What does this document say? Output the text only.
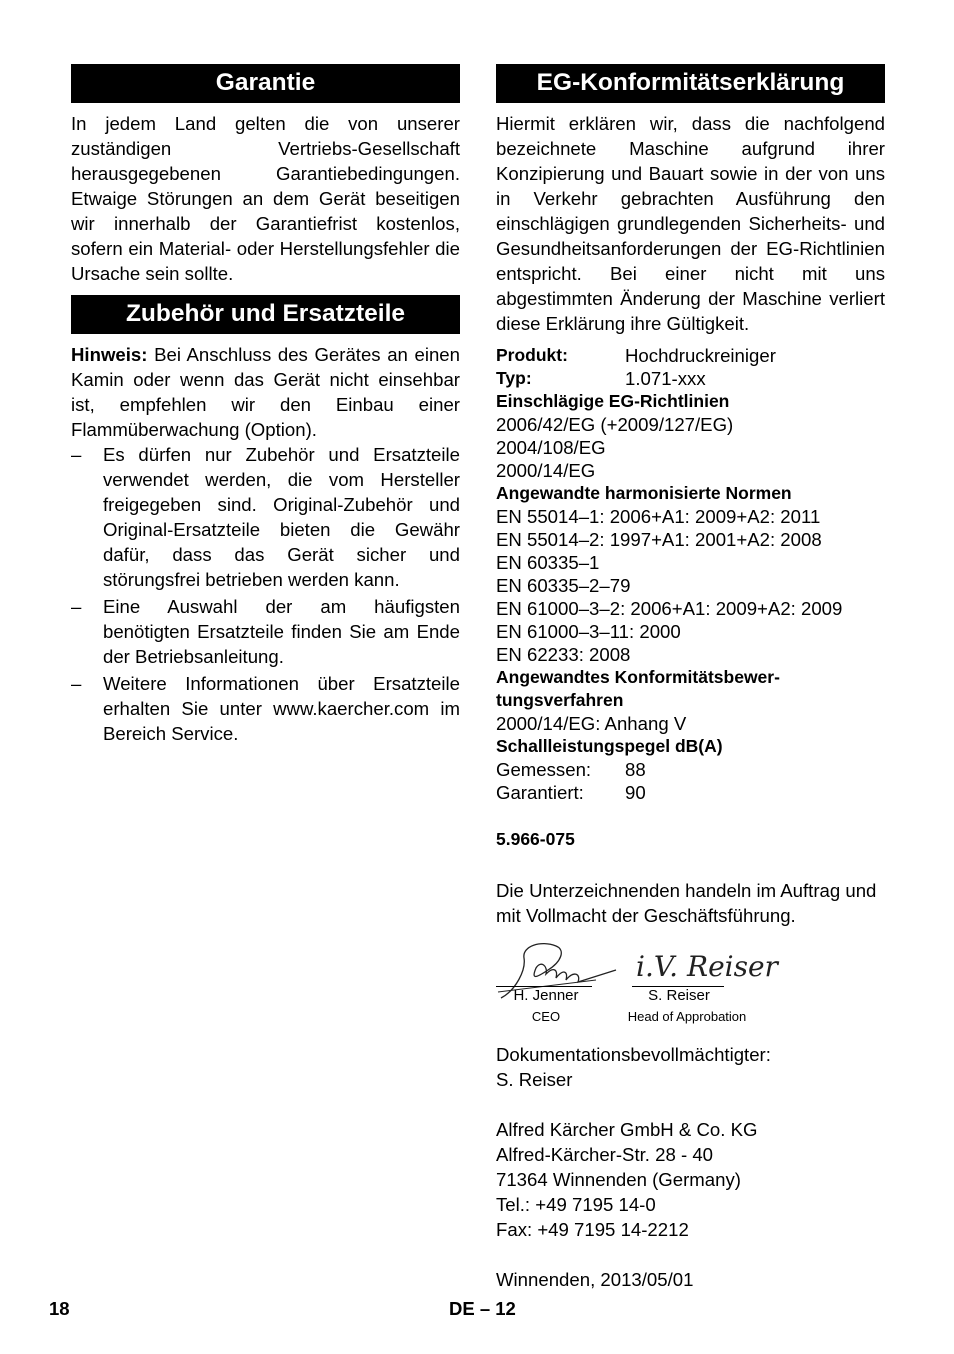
Garantie

In jedem Land gelten die von unserer zuständigen Vertriebs-Gesellschaft herausgegebenen Garantiebedingungen. Etwaige Störungen an dem Gerät beseitigen wir innerhalb der Garantiefrist kostenlos, sofern ein Material- oder Herstellungsfehler die Ursache sein sollte.

Zubehör und Ersatzteile

Hinweis: Bei Anschluss des Gerätes an einen Kamin oder wenn das Gerät nicht einsehbar ist, empfehlen wir den Einbau einer Flammüberwachung (Option).

– Es dürfen nur Zubehör und Ersatzteile verwendet werden, die vom Hersteller freigegeben sind. Original-Zubehör und Original-Ersatzteile bieten die Gewähr dafür, dass das Gerät sicher und störungsfrei betrieben werden kann.
– Eine Auswahl der am häufigsten benötigten Ersatzteile finden Sie am Ende der Betriebsanleitung.
– Weitere Informationen über Ersatzteile erhalten Sie unter www.kaercher.com im Bereich Service.
EG-Konformitätserklärung

Hiermit erklären wir, dass die nachfolgend bezeichnete Maschine aufgrund ihrer Konzipierung und Bauart sowie in der von uns in Verkehr gebrachten Ausführung den einschlägigen grundlegenden Sicherheits- und Gesundheitsanforderungen der EG-Richtlinien entspricht. Bei einer nicht mit uns abgestimmten Änderung der Maschine verliert diese Erklärung ihre Gültigkeit.

Produkt:	Hochdruckreiniger
Typ:	1.071-xxx
Einschlägige EG-Richtlinien
2006/42/EG (+2009/127/EG)
2004/108/EG
2000/14/EG
Angewandte harmonisierte Normen
EN 55014–1: 2006+A1: 2009+A2: 2011
EN 55014–2: 1997+A1: 2001+A2: 2008
EN 60335–1
EN 60335–2–79
EN 61000–3–2: 2006+A1: 2009+A2: 2009
EN 61000–3–11: 2000
EN 62233: 2008
Angewandtes Konformitätsbewer-
tungsverfahren
2000/14/EG: Anhang V
Schallleistungspegel dB(A)
Gemessen:	88
Garantiert:	90
5.966-075

Die Unterzeichnenden handeln im Auftrag und mit Vollmacht der Geschäftsführung.

i.V. Reiser
H. Jenner
CEO
S. Reiser
Head of Approbation

Dokumentationsbevollmächtigter:

S. Reiser

Alfred Kärcher GmbH & Co. KG

Alfred-Kärcher-Str. 28 - 40

71364 Winnenden (Germany)

Tel.: +49 7195 14-0

Fax: +49 7195 14-2212

Winnenden, 2013/05/01

18	DE – 12
